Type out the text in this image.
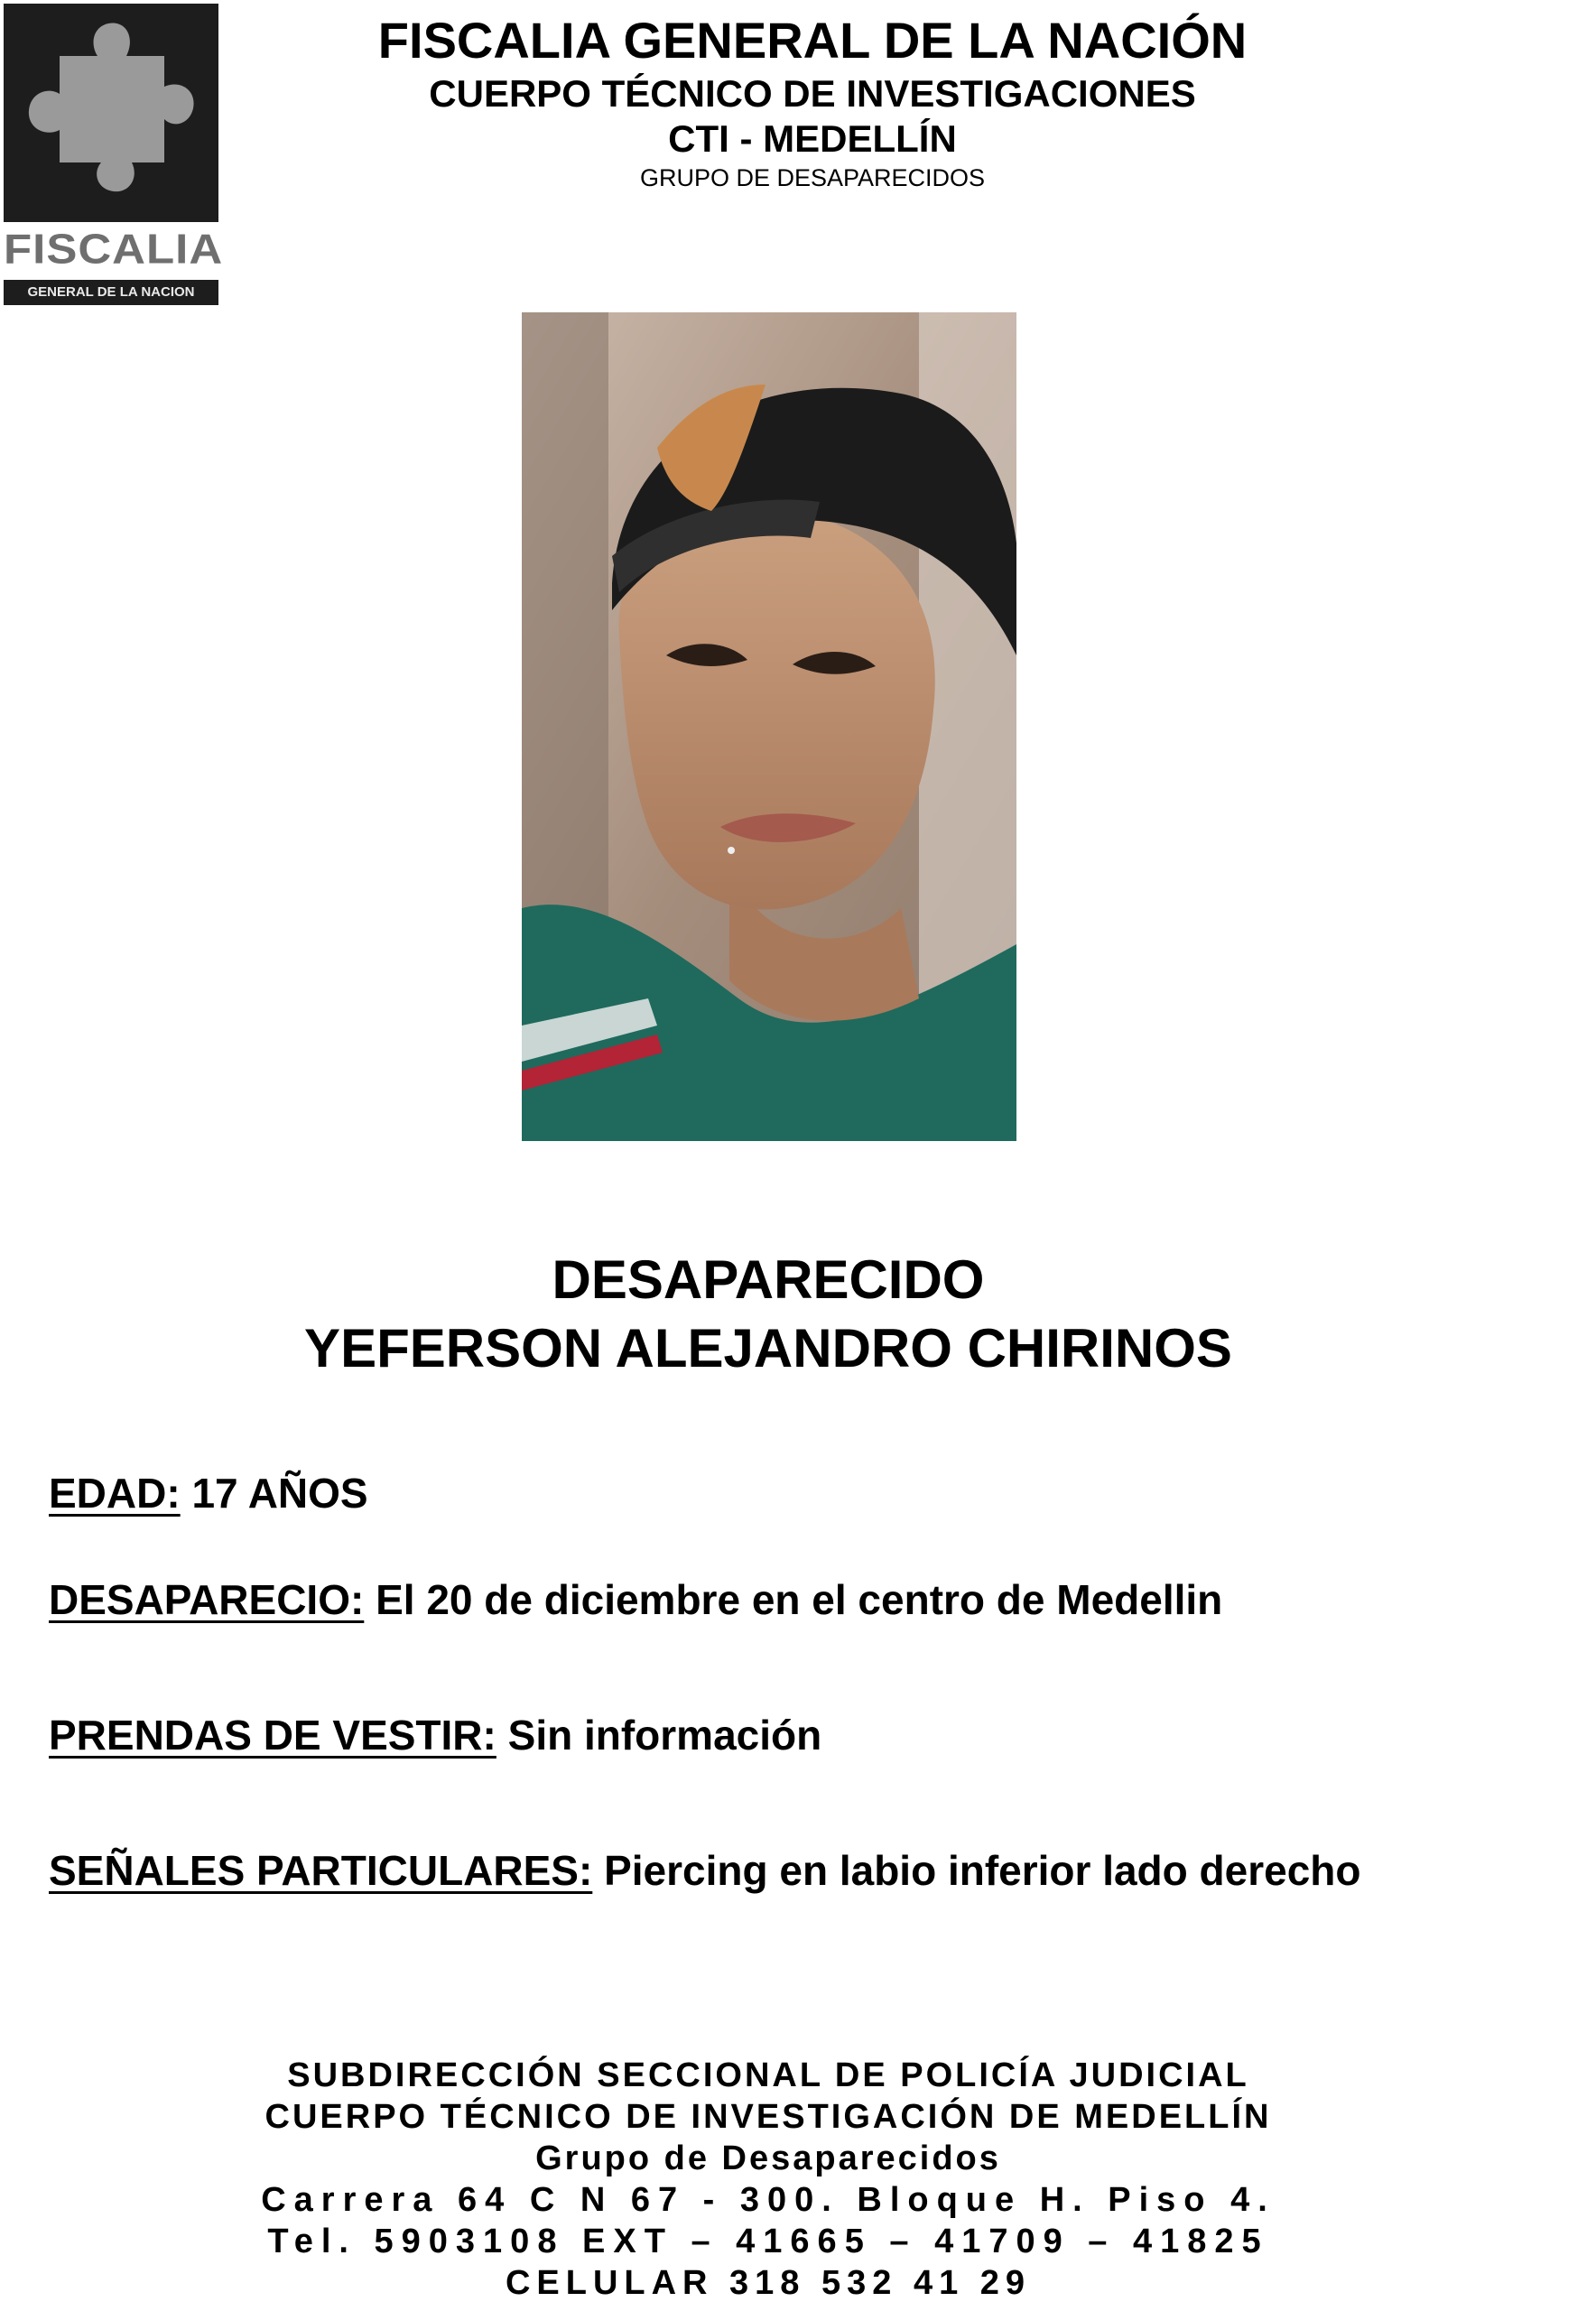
FISCALIA
GENERAL DE LA NACION
FISCALIA GENERAL DE LA NACIÓN
CUERPO TÉCNICO DE INVESTIGACIONES
CTI - MEDELLÍN
GRUPO DE DESAPARECIDOS
DESAPARECIDO
YEFERSON ALEJANDRO CHIRINOS
EDAD: 17 AÑOS
DESAPARECIO: El 20 de diciembre en el centro de Medellin
PRENDAS DE VESTIR: Sin información
SEÑALES PARTICULARES: Piercing en labio inferior lado derecho
SUBDIRECCIÓN SECCIONAL DE POLICÍA JUDICIAL
CUERPO TÉCNICO DE INVESTIGACIÓN DE MEDELLÍN
Grupo de Desaparecidos
Carrera 64 C N 67 - 300. Bloque H. Piso 4.
Tel. 5903108 EXT – 41665 – 41709 – 41825
CELULAR 318 532 41 29
